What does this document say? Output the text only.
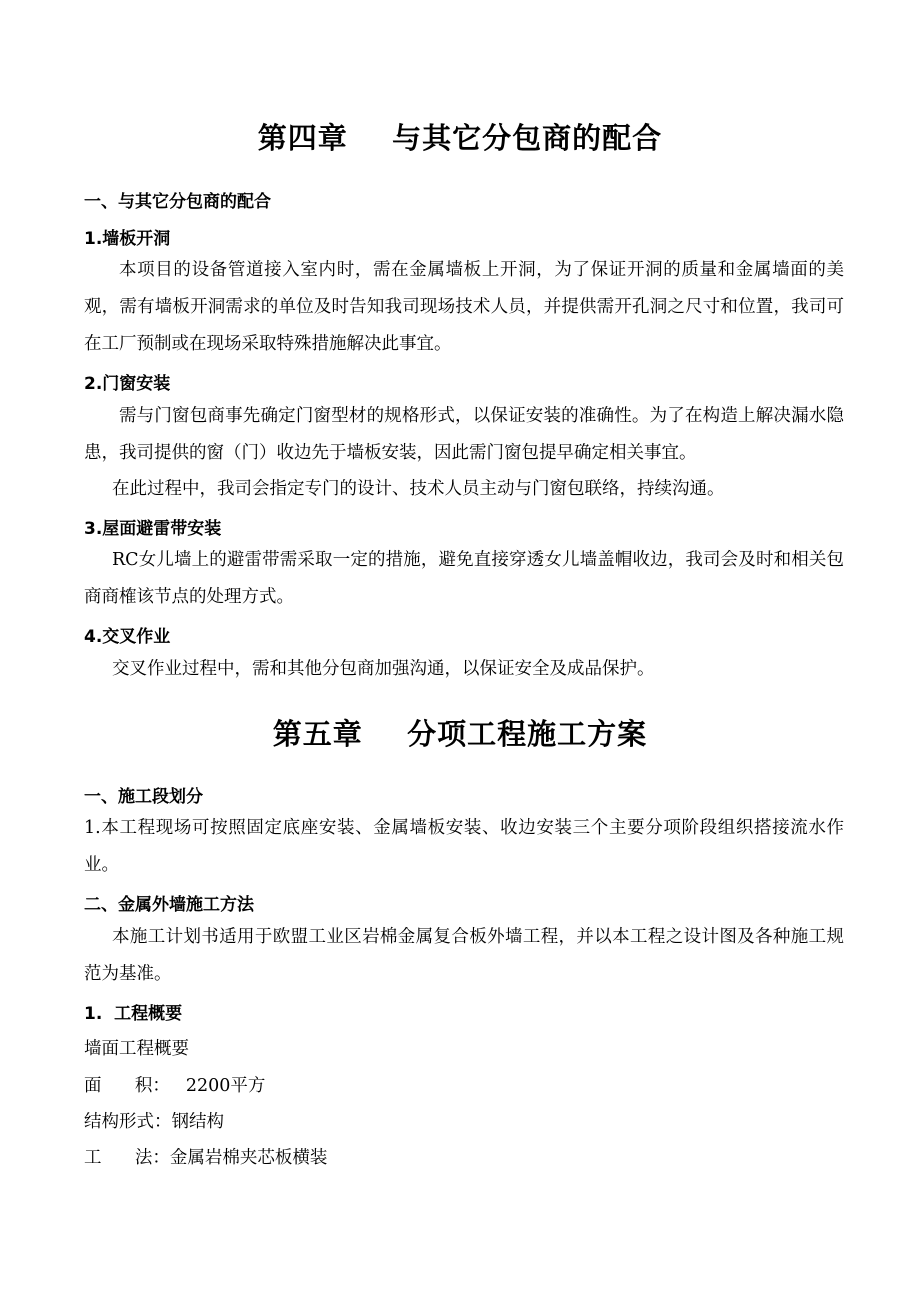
第四章    与其它分包商的配合
一、与其它分包商的配合
1.墙板开洞
本项目的设备管道接入室内时，需在金属墙板上开洞，为了保证开洞的质量和金属墙面的美观，需有墙板开洞需求的单位及时告知我司现场技术人员，并提供需开孔洞之尺寸和位置，我司可在工厂预制或在现场采取特殊措施解决此事宜。
2.门窗安装
需与门窗包商事先确定门窗型材的规格形式，以保证安装的准确性。为了在构造上解决漏水隐患，我司提供的窗（门）收边先于墙板安装，因此需门窗包提早确定相关事宜。
在此过程中，我司会指定专门的设计、技术人员主动与门窗包联络，持续沟通。
3.屋面避雷带安装
RC女儿墙上的避雷带需采取一定的措施，避免直接穿透女儿墙盖帽收边，我司会及时和相关包商商榷该节点的处理方式。
4.交叉作业
交叉作业过程中，需和其他分包商加强沟通，以保证安全及成品保护。
第五章    分项工程施工方案
一、施工段划分
1.本工程现场可按照固定底座安装、金属墙板安装、收边安装三个主要分项阶段组织搭接流水作业。
二、金属外墙施工方法
本施工计划书适用于欧盟工业区岩棉金属复合板外墙工程，并以本工程之设计图及各种施工规范为基准。
1.  工程概要
墙面工程概要
面      积： 2200平方
结构形式：钢结构
工      法：金属岩棉夹芯板横装
